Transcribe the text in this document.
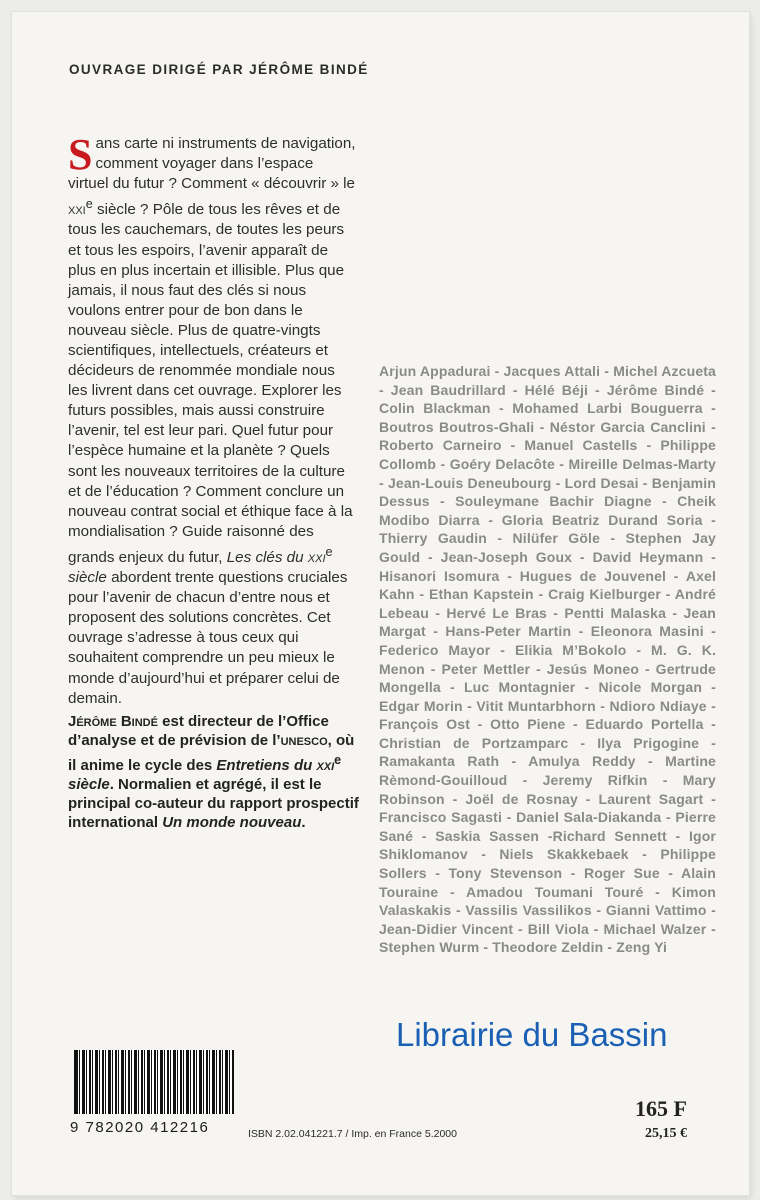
OUVRAGE DIRIGÉ PAR JÉRÔME BINDÉ

Sans carte ni instruments de navigation, comment voyager dans l’espace virtuel du futur ? Comment « découvrir » le xxi$^e$ siècle ? Pôle de tous les rêves et de tous les cauchemars, de toutes les peurs et tous les espoirs, l’avenir apparaît de plus en plus incertain et illisible. Plus que jamais, il nous faut des clés si nous voulons entrer pour de bon dans le nouveau siècle. Plus de quatre-vingts scientifiques, intellectuels, créateurs et décideurs de renommée mondiale nous les livrent dans cet ouvrage. Explorer les futurs possibles, mais aussi construire l’avenir, tel est leur pari. Quel futur pour l’espèce humaine et la planète ? Quels sont les nouveaux territoires de la culture et de l’éducation ? Comment conclure un nouveau contrat social et éthique face à la mondialisation ? Guide raisonné des grands enjeux du futur, Les clés du xxi$^e$ siècle abordent trente questions cruciales pour l’avenir de chacun d’entre nous et proposent des solutions concrètes. Cet ouvrage s’adresse à tous ceux qui souhaitent comprendre un peu mieux le monde d’aujourd’hui et préparer celui de demain.

Jérôme Bindé est directeur de l’Office d’analyse et de prévision de l’unesco, où il anime le cycle des Entretiens du xxi$^e$ siècle. Normalien et agrégé, il est le principal co-auteur du rapport prospectif international Un monde nouveau.

Arjun Appadurai - Jacques Attali - Michel Azcueta - Jean Baudrillard - Hélé Béji - Jérôme Bindé - Colin Blackman - Mohamed Larbi Bouguerra - Boutros Boutros-Ghali - Néstor Garcia Canclini - Roberto Carneiro - Manuel Castells - Philippe Collomb - Goéry Delacôte - Mireille Delmas-Marty - Jean-Louis Deneubourg - Lord Desai - Benjamin Dessus - Souleymane Bachir Diagne - Cheik Modibo Diarra - Gloria Beatriz Durand Soria - Thierry Gaudin - Nilüfer Göle - Stephen Jay Gould - Jean-Joseph Goux - David Heymann - Hisanori Isomura - Hugues de Jouvenel - Axel Kahn - Ethan Kapstein - Craig Kielburger - André Lebeau - Hervé Le Bras - Pentti Malaska - Jean Margat - Hans-Peter Martin - Eleonora Masini - Federico Mayor - Elikia M’Bokolo - M. G. K. Menon - Peter Mettler - Jesús Moneo - Gertrude Mongella - Luc Montagnier - Nicole Morgan - Edgar Morin - Vitit Muntarbhorn - Ndioro Ndiaye - François Ost - Otto Piene - Eduardo Portella - Christian de Portzamparc - Ilya Prigogine - Ramakanta Rath - Amulya Reddy - Martine Rèmond-Gouilloud - Jeremy Rifkin - Mary Robinson - Joël de Rosnay - Laurent Sagart - Francisco Sagasti - Daniel Sala-Diakanda - Pierre Sané - Saskia Sassen -Richard Sennett - Igor Shiklomanov - Niels Skakkebaek - Philippe Sollers - Tony Stevenson - Roger Sue - Alain Touraine - Amadou Toumani Touré - Kimon Valaskakis - Vassilis Vassilikos - Gianni Vattimo - Jean-Didier Vincent - Bill Viola - Michael Walzer - Stephen Wurm - Theodore Zeldin - Zeng Yi

Librairie du Bassin
9 782020 412216	ISBN 2.02.041221.7 / Imp. en France 5.2000
165 F
25,15 €
